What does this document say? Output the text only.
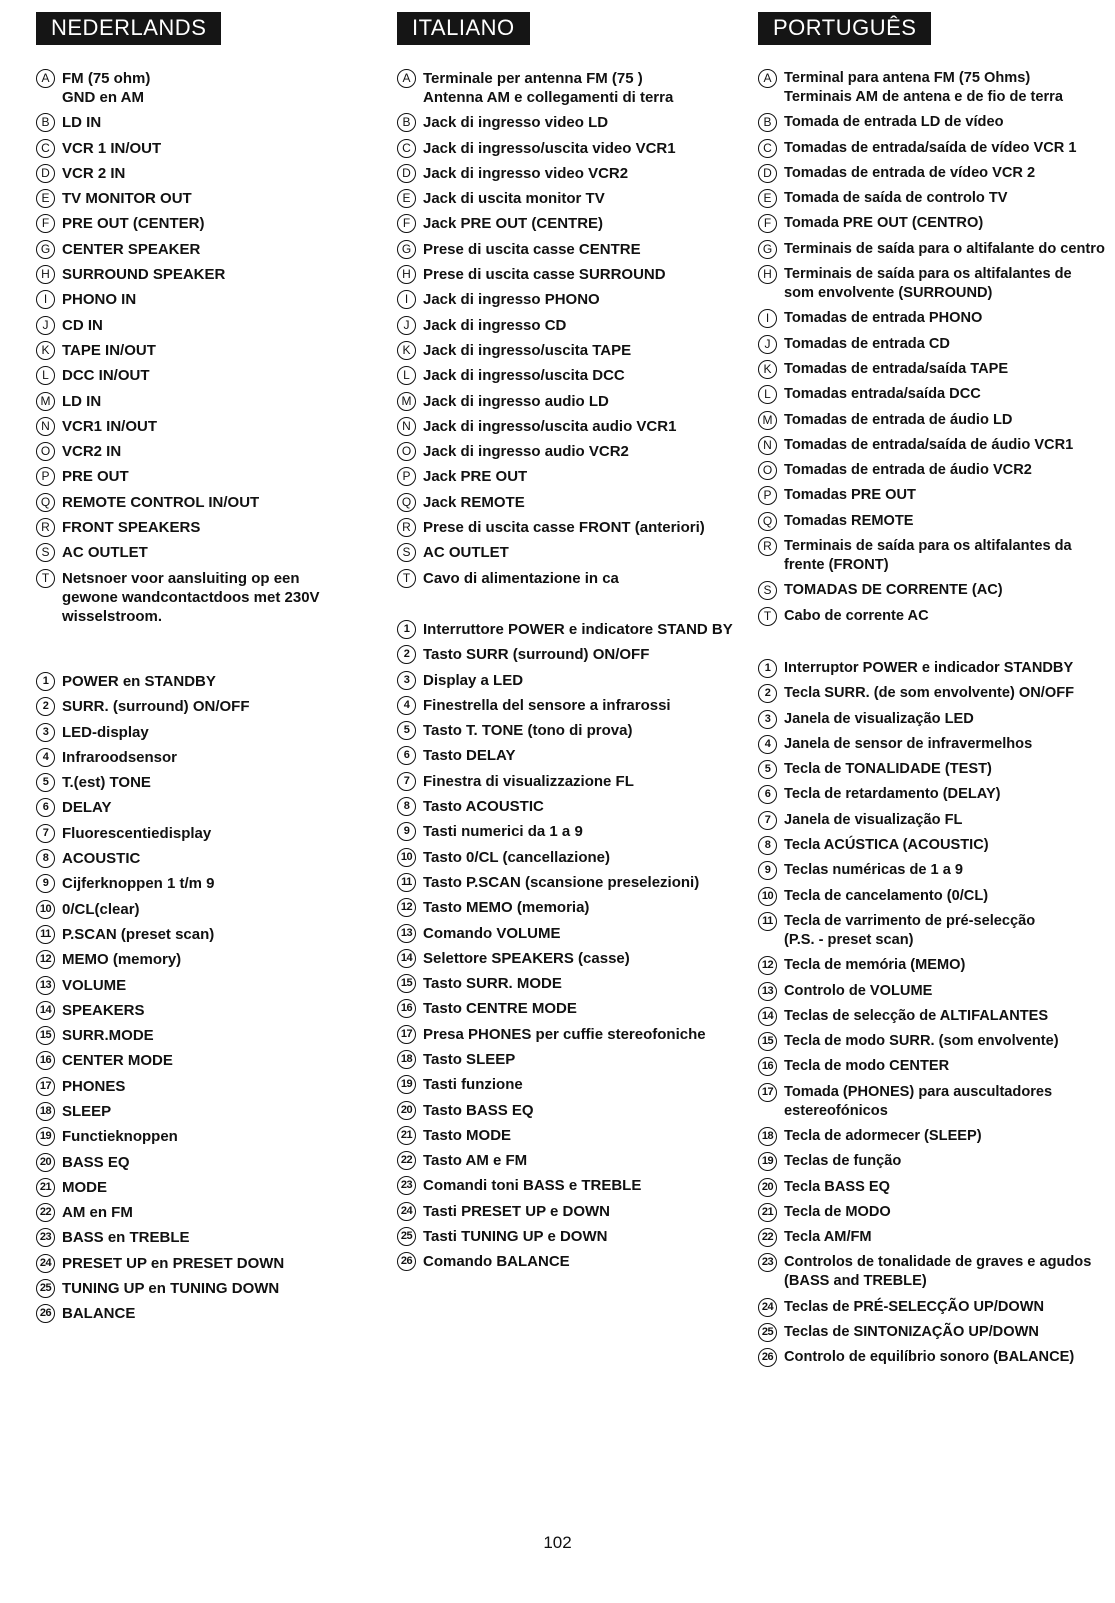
NEDERLANDS
A FM (75 ohm)
GND en AM
B LD IN
C VCR 1 IN/OUT
D VCR 2 IN
E TV MONITOR OUT
F PRE OUT (CENTER)
G CENTER SPEAKER
H SURROUND SPEAKER
I PHONO IN
J CD IN
K TAPE IN/OUT
L DCC IN/OUT
M LD IN
N VCR1 IN/OUT
O VCR2 IN
P PRE OUT
Q REMOTE CONTROL IN/OUT
R FRONT SPEAKERS
S AC OUTLET
T Netsnoer voor aansluiting op een
gewone wandcontactdoos met 230V
wisselstroom.
1 POWER en STANDBY
2 SURR. (surround) ON/OFF
3 LED-display
4 Infraroodsensor
5 T.(est) TONE
6 DELAY
7 Fluorescentiedisplay
8 ACOUSTIC
9 Cijferknoppen 1 t/m 9
10 0/CL(clear)
11 P.SCAN (preset scan)
12 MEMO (memory)
13 VOLUME
14 SPEAKERS
15 SURR.MODE
16 CENTER MODE
17 PHONES
18 SLEEP
19 Functieknoppen
20 BASS EQ
21 MODE
22 AM en FM
23 BASS en TREBLE
24 PRESET UP en PRESET DOWN
25 TUNING UP en TUNING DOWN
26 BALANCE
ITALIANO
A Terminale per antenna FM (75 )
Antenna AM e collegamenti di terra
B Jack di ingresso video LD
C Jack di ingresso/uscita video VCR1
D Jack di ingresso video VCR2
E Jack di uscita monitor TV
F Jack PRE OUT (CENTRE)
G Prese di uscita casse CENTRE
H Prese di uscita casse SURROUND
I Jack di ingresso PHONO
J Jack di ingresso CD
K Jack di ingresso/uscita TAPE
L Jack di ingresso/uscita DCC
M Jack di ingresso audio LD
N Jack di ingresso/uscita audio VCR1
O Jack di ingresso audio VCR2
P Jack PRE OUT
Q Jack REMOTE
R Prese di uscita casse FRONT (anteriori)
S AC OUTLET
T Cavo di alimentazione in ca
1 Interruttore POWER e indicatore STAND BY
2 Tasto SURR (surround) ON/OFF
3 Display a LED
4 Finestrella del sensore a infrarossi
5 Tasto T. TONE (tono di prova)
6 Tasto DELAY
7 Finestra di visualizzazione FL
8 Tasto ACOUSTIC
9 Tasti numerici da 1 a 9
10 Tasto 0/CL (cancellazione)
11 Tasto P.SCAN (scansione preselezioni)
12 Tasto MEMO (memoria)
13 Comando VOLUME
14 Selettore SPEAKERS (casse)
15 Tasto SURR. MODE
16 Tasto CENTRE MODE
17 Presa PHONES per cuffie stereofoniche
18 Tasto SLEEP
19 Tasti funzione
20 Tasto BASS EQ
21 Tasto MODE
22 Tasto AM e FM
23 Comandi toni BASS e TREBLE
24 Tasti PRESET UP e DOWN
25 Tasti TUNING UP e DOWN
26 Comando BALANCE
PORTUGUÊS
A Terminal para antena FM (75 Ohms)
Terminais AM de antena e de fio de terra
B Tomada de entrada LD de vídeo
C Tomadas de entrada/saída de vídeo VCR 1
D Tomadas de entrada de vídeo VCR 2
E Tomada de saída de controlo TV
F Tomada PRE OUT (CENTRO)
G Terminais de saída para o altifalante do centro
H Terminais de saída para os altifalantes de
som envolvente (SURROUND)
I	Tomadas de entrada PHONO
J Tomadas de entrada CD
K Tomadas de entrada/saída TAPE
L Tomadas entrada/saída DCC
M Tomadas de entrada de áudio LD
N Tomadas de entrada/saída de áudio VCR1
O Tomadas de entrada de áudio VCR2
P Tomadas PRE OUT
Q Tomadas REMOTE
R Terminais de saída para os altifalantes da
frente (FRONT)
S TOMADAS DE CORRENTE (AC)
T Cabo de corrente AC
1 Interruptor POWER e indicador STANDBY
2 Tecla SURR. (de som envolvente) ON/OFF
3 Janela de visualização LED
4 Janela de sensor de infravermelhos
5 Tecla de TONALIDADE (TEST)
6 Tecla de retardamento (DELAY)
7 Janela de visualização FL
8 Tecla ACÚSTICA (ACOUSTIC)
9 Teclas numéricas de 1 a 9
10 Tecla de cancelamento (0/CL)
11 Tecla de varrimento de pré-selecção
(P.S. - preset scan)
12 Tecla de memória (MEMO)
13 Controlo de VOLUME
14 Teclas de selecção de ALTIFALANTES
15 Tecla de modo SURR. (som envolvente)
16 Tecla de modo CENTER
17 Tomada (PHONES) para auscultadores
estereofónicos
18 Tecla de adormecer (SLEEP)
19 Teclas de função
20 Tecla BASS EQ
21 Tecla de MODO
22 Tecla AM/FM
23 Controlos de tonalidade de graves e agudos
(BASS and TREBLE)
24 Teclas de PRÉ-SELECÇÃO UP/DOWN
25 Teclas de SINTONIZAÇÃO UP/DOWN
26 Controlo de equilíbrio sonoro (BALANCE)
102
